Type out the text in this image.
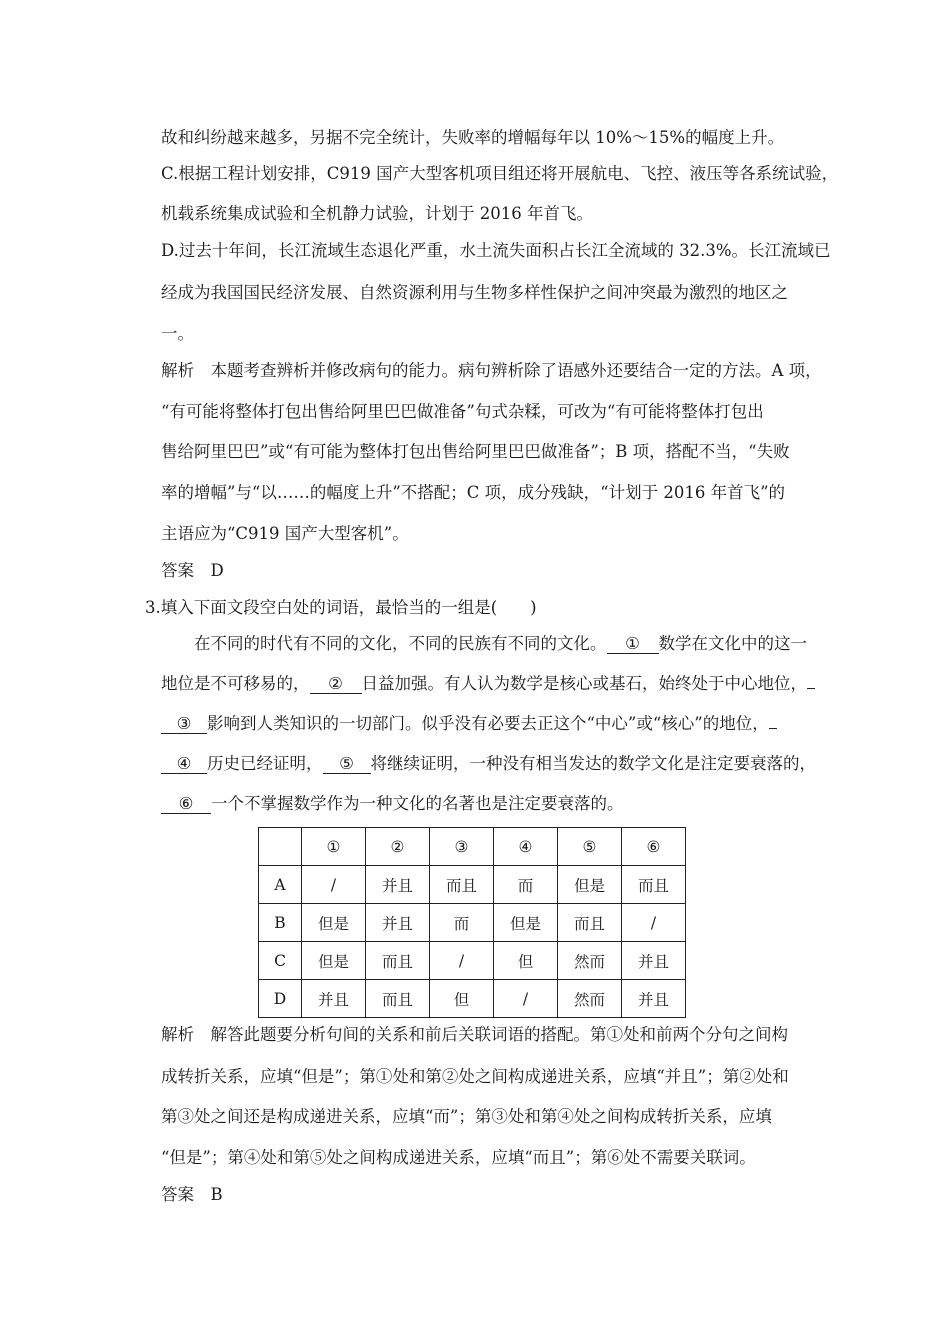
故和纠纷越来越多，另据不完全统计，失败率的增幅每年以 10%～15%的幅度上升。
C.根据工程计划安排，C919 国产大型客机项目组还将开展航电、飞控、液压等各系统试验，
机载系统集成试验和全机静力试验，计划于 2016 年首飞。
D.过去十年间，长江流域生态退化严重，水土流失面积占长江全流域的 32.3%。长江流域已
经成为我国国民经济发展、自然资源利用与生物多样性保护之间冲突最为激烈的地区之
一。
解析　本题考查辨析并修改病句的能力。病句辨析除了语感外还要结合一定的方法。A 项，
“有可能将整体打包出售给阿里巴巴做准备”句式杂糅，可改为“有可能将整体打包出
售给阿里巴巴”或“有可能为整体打包出售给阿里巴巴做准备”；B 项，搭配不当，“失败
率的增幅”与“以……的幅度上升”不搭配；C 项，成分残缺，“计划于 2016 年首飞”的
主语应为“C919 国产大型客机”。
答案　D
3.填入下面文段空白处的词语，最恰当的一组是(　　)
在不同的时代有不同的文化，不同的民族有不同的文化。 ① 数学在文化中的这一
地位是不可移易的， ② 日益加强。有人认为数学是核心或基石，始终处于中心地位，
③ 影响到人类知识的一切部门。似乎没有必要去正这个“中心”或“核心”的地位，
④ 历史已经证明， ⑤ 将继续证明，一种没有相当发达的数学文化是注定要衰落的，
⑥ 一个不掌握数学作为一种文化的名著也是注定要衰落的。
	①	②	③	④	⑤	⑥
A	/	并且	而且	而	但是	而且
B	但是	并且	而	但是	而且	/
C	但是	而且	/	但	然而	并且
D	并且	而且	但	/	然而	并且
解析　解答此题要分析句间的关系和前后关联词语的搭配。第①处和前两个分句之间构
成转折关系，应填“但是”；第①处和第②处之间构成递进关系，应填“并且”；第②处和
第③处之间还是构成递进关系，应填“而”；第③处和第④处之间构成转折关系，应填
“但是”；第④处和第⑤处之间构成递进关系，应填“而且”；第⑥处不需要关联词。
答案　B
